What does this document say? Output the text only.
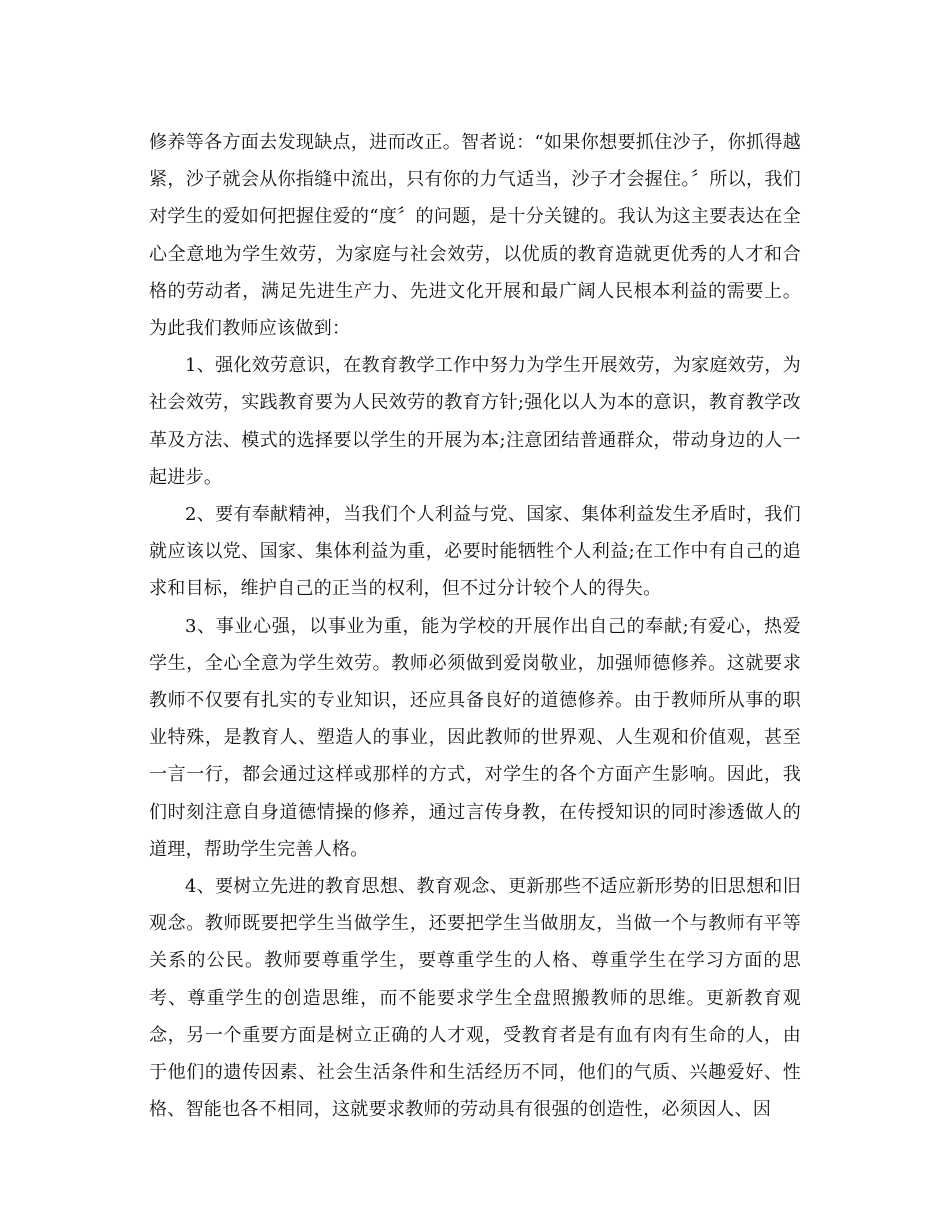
修养等各方面去发现缺点，进而改正。智者说：“如果你想要抓住沙子，你抓得越紧，沙子就会从你指缝中流出，只有你的力气适当，沙子才会握住。〞所以，我们对学生的爱如何把握住爱的“度〞的问题，是十分关键的。我认为这主要表达在全心全意地为学生效劳，为家庭与社会效劳，以优质的教育造就更优秀的人才和合格的劳动者，满足先进生产力、先进文化开展和最广阔人民根本利益的需要上。为此我们教师应该做到：

1、强化效劳意识，在教育教学工作中努力为学生开展效劳，为家庭效劳，为社会效劳，实践教育要为人民效劳的教育方针;强化以人为本的意识，教育教学改革及方法、模式的选择要以学生的开展为本;注意团结普通群众，带动身边的人一起进步。

2、要有奉献精神，当我们个人利益与党、国家、集体利益发生矛盾时，我们就应该以党、国家、集体利益为重，必要时能牺牲个人利益;在工作中有自己的追求和目标，维护自己的正当的权利，但不过分计较个人的得失。

3、事业心强，以事业为重，能为学校的开展作出自己的奉献;有爱心，热爱学生，全心全意为学生效劳。教师必须做到爱岗敬业，加强师德修养。这就要求教师不仅要有扎实的专业知识，还应具备良好的道德修养。由于教师所从事的职业特殊，是教育人、塑造人的事业，因此教师的世界观、人生观和价值观，甚至一言一行，都会通过这样或那样的方式，对学生的各个方面产生影响。因此，我们时刻注意自身道德情操的修养，通过言传身教，在传授知识的同时渗透做人的道理，帮助学生完善人格。

4、要树立先进的教育思想、教育观念、更新那些不适应新形势的旧思想和旧观念。教师既要把学生当做学生，还要把学生当做朋友，当做一个与教师有平等关系的公民。教师要尊重学生，要尊重学生的人格、尊重学生在学习方面的思考、尊重学生的创造思维，而不能要求学生全盘照搬教师的思维。更新教育观念，另一个重要方面是树立正确的人才观，受教育者是有血有肉有生命的人，由于他们的遗传因素、社会生活条件和生活经历不同，他们的气质、兴趣爱好、性格、智能也各不相同，这就要求教师的劳动具有很强的创造性，必须因人、因
